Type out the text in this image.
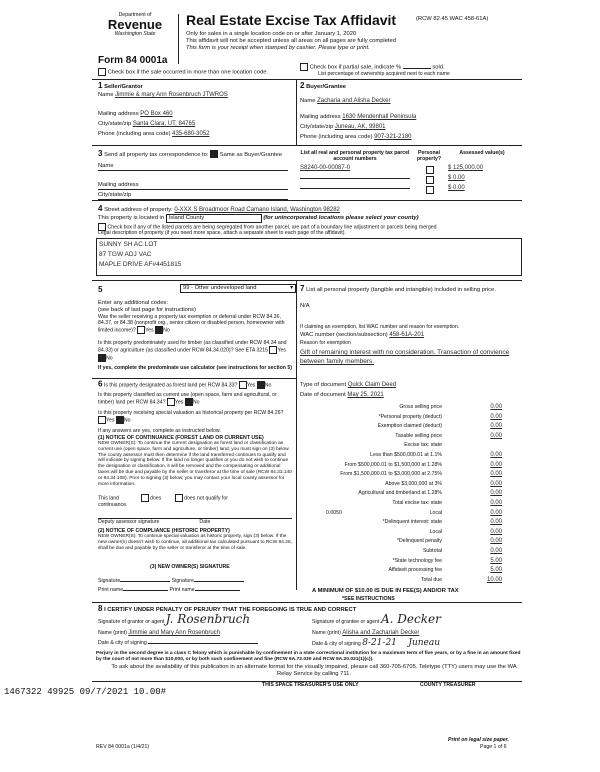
Department of
Revenue
Washington State
Form 84 0001a
Real Estate Excise Tax Affidavit	(RCW 82.45 WAC 458-61A)
Only for sales in a single location code on or after January 1, 2020
This affidavit will not be accepted unless all areas on all pages are fully completed
This form is your receipt when stamped by cashier. Please type or print.
Check box if the sale occurred in more than one location code.
Check box if partial sale, indicate %	sold.
List percentage of ownership acquired next to each name
1 Seller/Grantor
Name Jimmie & mary Ann Rosenbruch JTWROS
Mailing address PO Box 460
City/state/zip Santa Clara, UT, 84765
Phone (including area code) 435-680-3052
2 Buyer/Grantee
Name Zacharia and Alisha Decker
Mailing address 1630 Mendenhall Peninsula
City/state/zip Juneau, AK, 99801
Phone (including area code) 907-321-2180
3 Send all property tax correspondence to: Same as Buyer/Grantee
Name
Mailing address
City/state/zip
List all real and personal property tax parcel account numbers
Personal property?
Assessed value(s)
S8240-00-00087-0	$ 125,000.00
$ 0.00
$ 0.00
4 Street address of property: 0-XXX S Broadmoor Road Camano Island, Washington 98282
This property is located in Island County	(for unincorporated locations please select your county)
Check box if any of the listed parcels are being segregated from another parcel, are part of a boundary line adjustment or parcels being merged
Legal description of property (if you need more space, attach a separate sheet to each page of the affidavit).
SUNNY SH AC LOT
87 TGW ADJ VAC
MAPLE DRIVE AF#4451815
5	99 - Other undeveloped land	▾
Enter any additional codes:
(see back of last page for instructions)
Was the seller receiving a property tax exemption or deferral under RCW 84.36, 84.37, or 84.38 (nonprofit org., senior citizen or disabled person, homeowner with limited income)? Yes No
Is this property predominately used for timber (as classified under RCW 84.34 and 84.33) or agriculture (as classified under RCW 84.34.020)? See ETA 3215 Yes No
If yes, complete the predominate use calculator (see instructions for section 5)
6 Is this property designated as forest land per RCW 84.33? Yes No
Is this property classified as current use (open space, farm and agricultural, or timber) land per RCW 84.34? Yes No
Is this property receiving special valuation as historical property per RCW 84.26? Yes No
If any answers are yes, complete as instructed below.
(1) NOTICE OF CONTINUANCE (FOREST LAND OR CURRENT USE)
NEW OWNER(S): To continue the current designation as forest land or classification as current use (open space, farm and agriculture, or timber) land, you must sign on (3) below. The county assessor must then determine if the land transferred continues to qualify and will indicate by signing below. If the land no longer qualifies or you do not wish to continue the designation or classification, it will be removed and the compensating or additional taxes will be due and payable by the seller or transferor at the time of sale (RCW 84.33.140 or 84.34.108). Prior to signing (3) below, you may contact your local county assessor for more information.
This land	does	does not qualify for
continuance.
Deputy assessor signature	Date
(2) NOTICE OF COMPLIANCE (HISTORIC PROPERTY)
NEW OWNER(S): To continue special valuation as historic property, sign (3) below. If the new owner(s) doesn't wish to continue, all additional tax calculated pursuant to RCW 84.26, shall be due and payable by the seller or transferor at the time of sale.
(3) NEW OWNER(S) SIGNATURE
Signature	Signature
Print name	Print name
7 List all personal property (tangible and intangible) included in selling price.
N/A
If claiming an exemption, list WAC number and reason for exemption.
WAC number (section/subsection) 458-61A-201
Reason for exemption
Gift of remaining interest with no consideration. Transaction of convience between family members.
Type of document Quick Claim Deed
Date of document May 25, 2021
Gross selling price	0.00
*Personal property (deduct)	0.00
Exemption claimed (deduct)	0.00
Taxable selling price	0.00
Excise tax: state
Less than $500,000.01 at 1.1%	0.00
From $500,000.01 to $1,500,000 at 1.28%	0.00
From $1,500,000.01 to $3,000,000 at 2.75%	0.00
Above $3,000,000 at 3%	0.00
Agricultural and timberland at 1.28%	0.00
Total excise tax: state	0.00
0.0050	Local	0.00
*Delinquent interest: state	0.00
Local	0.00
*Delinquent penalty	0.00
Subtotal	0.00
*State technology fee	5.00
Affidavit processing fee	5.00
Total due	10.00
A MINIMUM OF $10.00 IS DUE IN FEE(S) AND/OR TAX
*SEE INSTRUCTIONS
8 I CERTIFY UNDER PENALTY OF PERJURY THAT THE FOREGOING IS TRUE AND CORRECT
Signature of grantor or agent J. Rosenbruch
Name (print) Jimmie and Mary Ann Rosenbruch
Date & city of signing
Signature of grantee or agent A. Decker
Name (print) Alisha and Zachariah Decker
Date & city of signing 8-21-21 Juneau
Perjury in the second degree is a class C felony which is punishable by confinement in a state correctional institution for a maximum term of five years, or by a fine in an amount fixed by the court of not more than $10,000, or by both such confinement and fine (RCW 9A.72.030 and RCW 9A.20.021(1)(c)).
To ask about the availability of this publication in an alternate format for the visually impaired, please call 360-705-6705. Teletype (TTY) users may use the WA Relay Service by calling 711.
1467322 49925 09/7/2021 10.00#
THIS SPACE TREASURER'S USE ONLY	COUNTY TREASURER
REV 84 0001a (1/4/21)
Print on legal size paper.
Page 1 of 6
